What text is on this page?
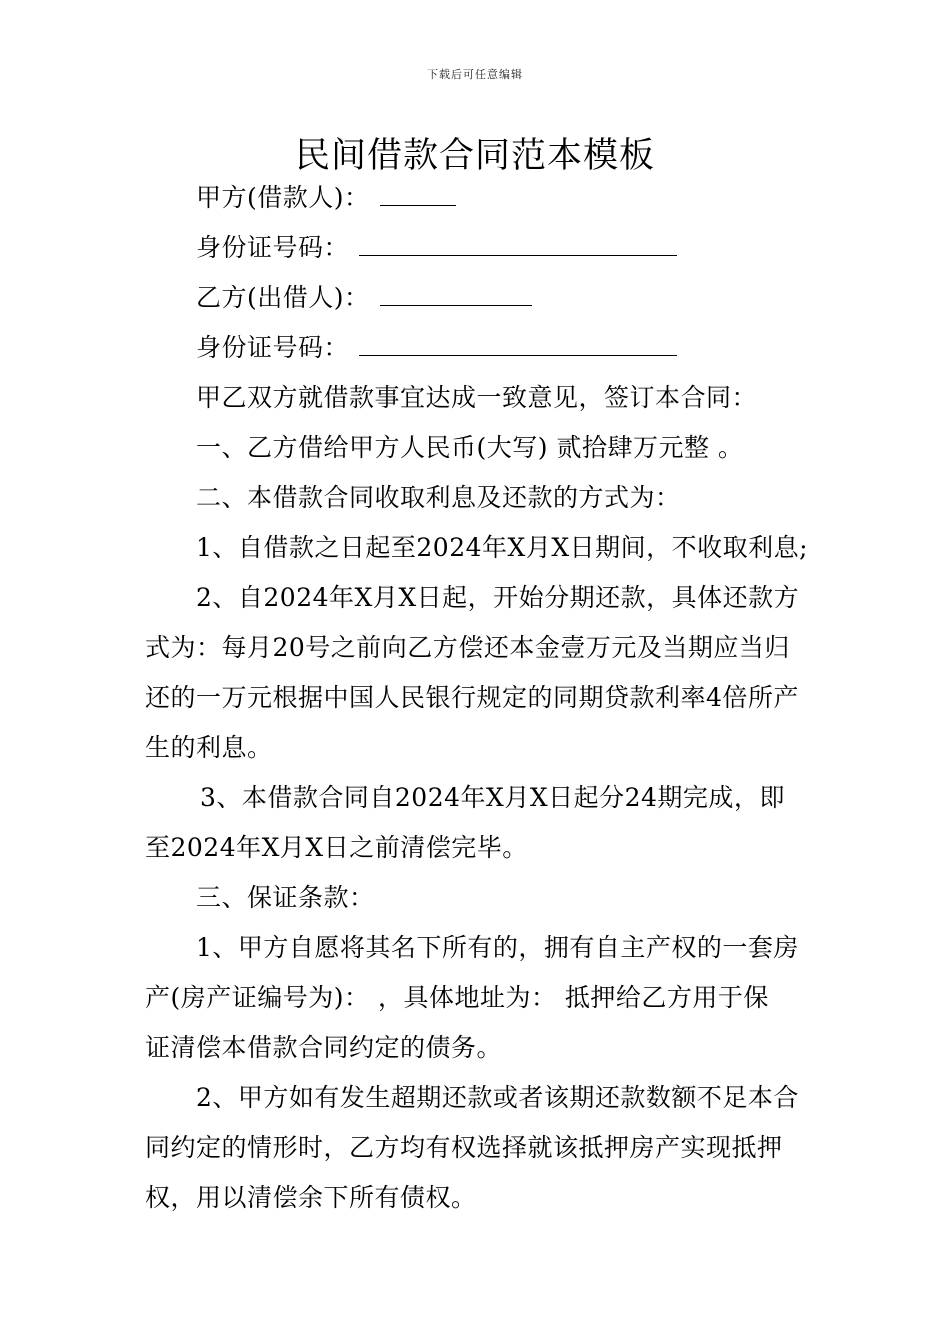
下载后可任意编辑
民间借款合同范本模板
甲方(借款人)：
身份证号码：
乙方(出借人)：
身份证号码：
甲乙双方就借款事宜达成一致意见，签订本合同：
一、乙方借给甲方人民币(大写) 贰拾肆万元整 。
二、本借款合同收取利息及还款的方式为：
1、自借款之日起至2024年X月X日期间，不收取利息;
2、自2024年X月X日起，开始分期还款，具体还款方
式为：每月20号之前向乙方偿还本金壹万元及当期应当归
还的一万元根据中国人民银行规定的同期贷款利率4倍所产
生的利息。
3、本借款合同自2024年X月X日起分24期完成，即
至2024年X月X日之前清偿完毕。
三、保证条款：
1、甲方自愿将其名下所有的，拥有自主产权的一套房
产(房产证编号为)： ，具体地址为： 抵押给乙方用于保
证清偿本借款合同约定的债务。
2、甲方如有发生超期还款或者该期还款数额不足本合
同约定的情形时，乙方均有权选择就该抵押房产实现抵押
权，用以清偿余下所有债权。
